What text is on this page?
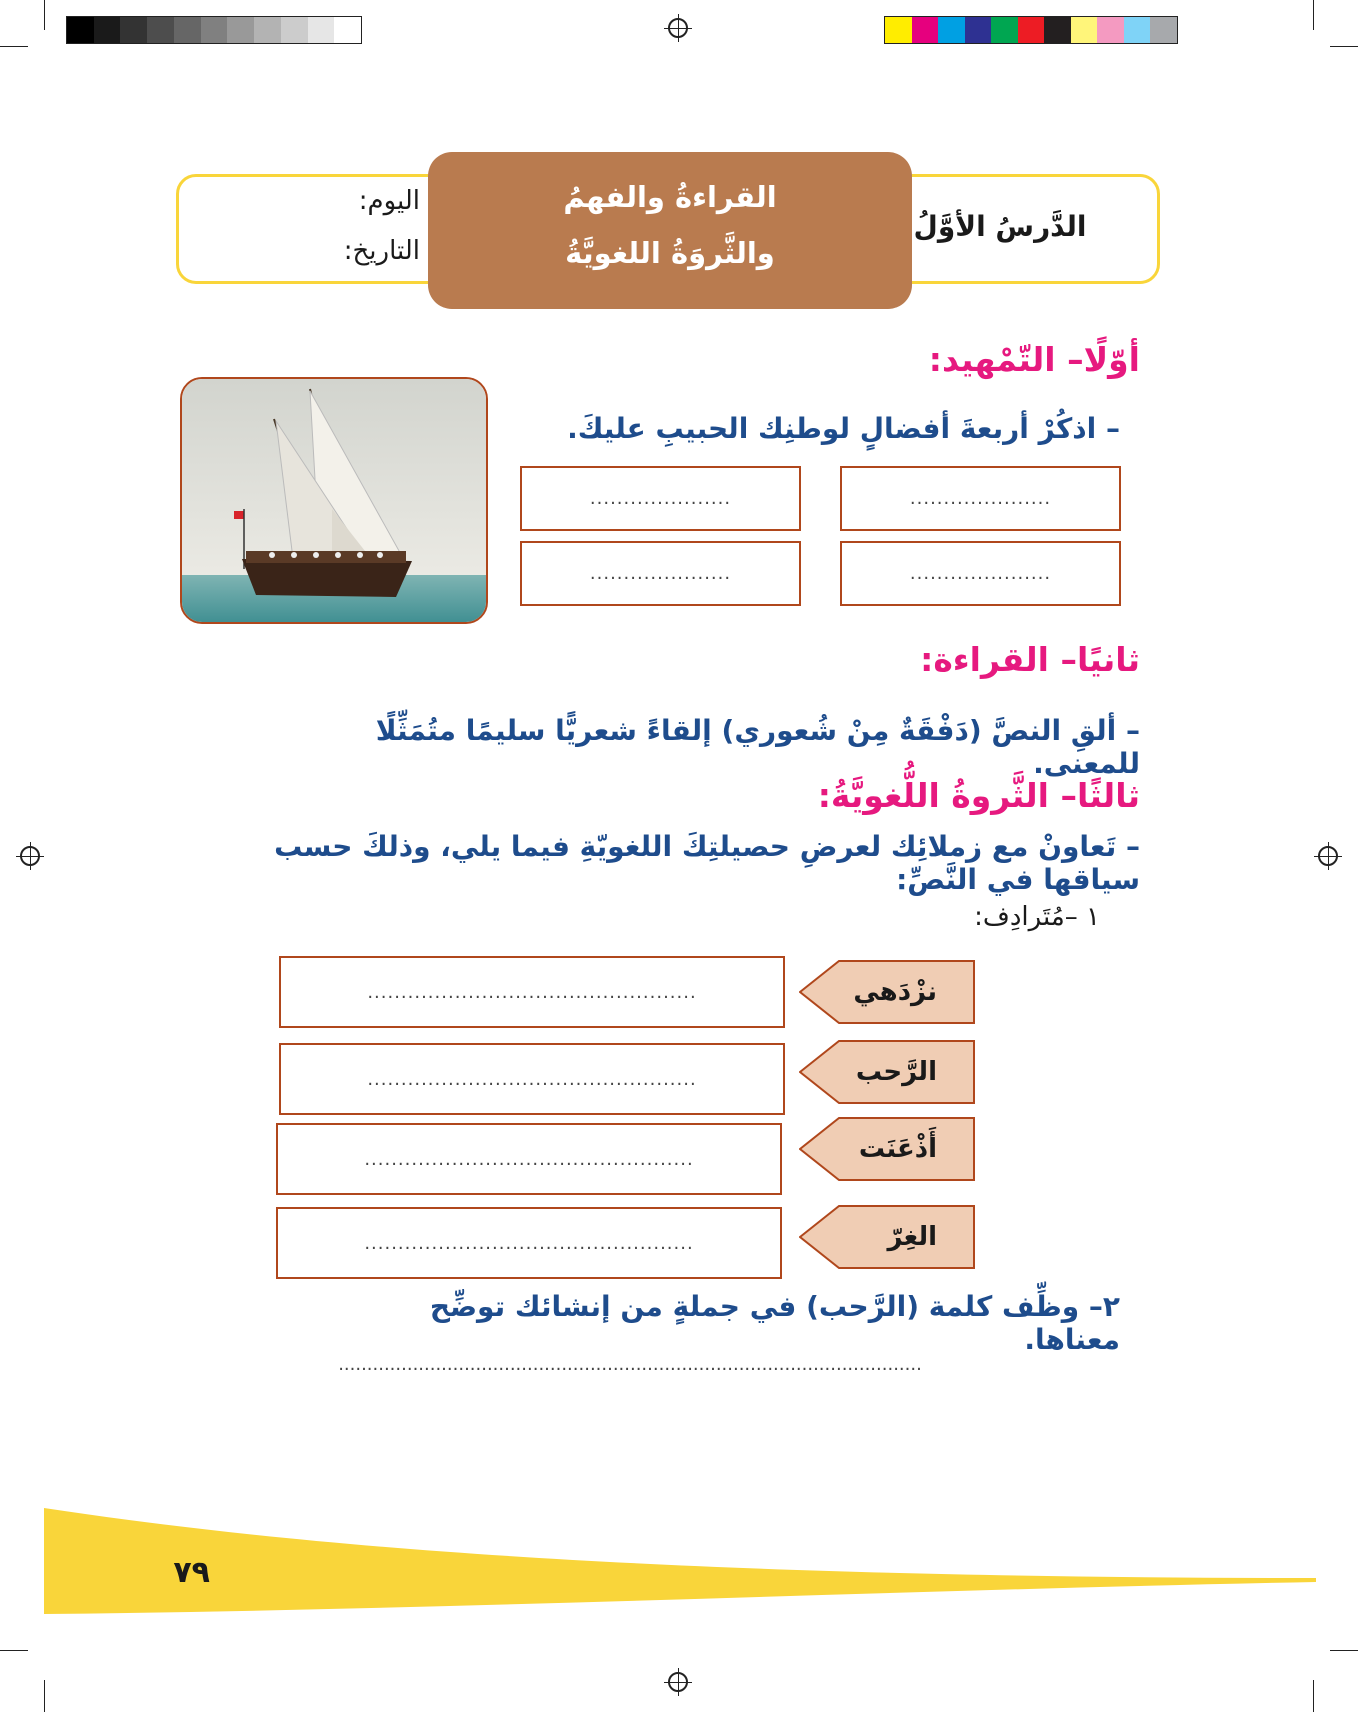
الدَّرسُ الأوَّلُ
اليوم:
التاريخ:
القراءةُ والفهمُ
والثَّروَةُ اللغويَّةُ
أوّلًا– التّمْهيد:
– اذكُرْ أربعةَ أفضالٍ لوطنِك الحبيبِ عليكَ.
.....................
.....................
.....................
.....................
ثانيًا– القراءة:
– ألقِ النصَّ (دَفْقَةٌ مِنْ شُعوري) إلقاءً شعريًّا سليمًا متُمَثِّلًا للمعنى.
ثالثًا– الثَّروةُ اللُّغويَّةُ:
– تَعاونْ مع زملائِك لعرضِ حصيلتِكَ اللغويّةِ فيما يلي، وذلكَ حسب سياقها في النَّصِّ:
١ –مُتَرادِف:
نزْدَهي
.................................................
الرَّحب
.................................................
أَذْعَنَت
.................................................
الغِرّ
.................................................
٢– وظِّف كلمة (الرَّحب) في جملةٍ من إنشائك توضِّح معناها.
......................................................................................................
٧٩
